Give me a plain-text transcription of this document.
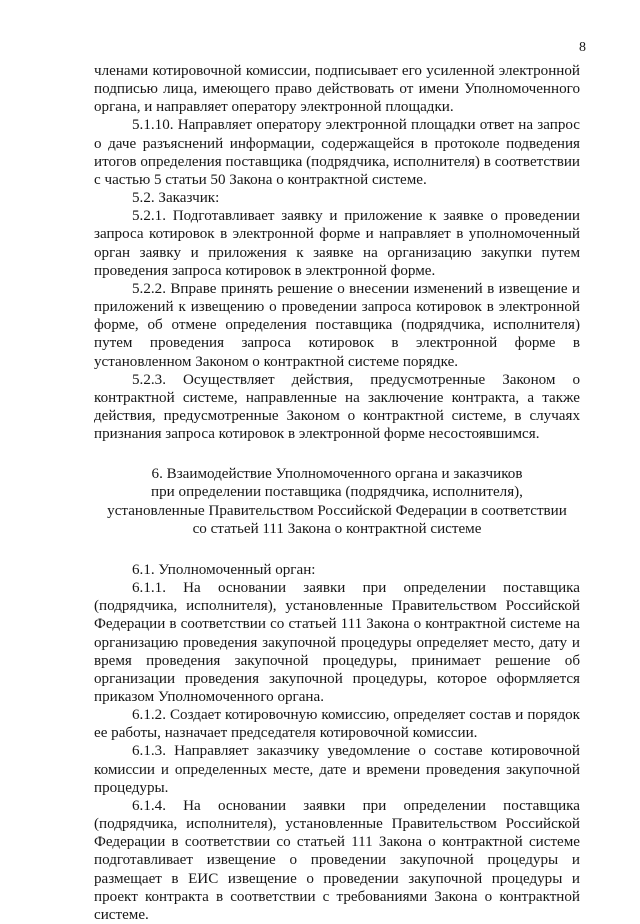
8

членами котировочной комиссии, подписывает его усиленной электронной подписью лица, имеющего право действовать от имени Уполномоченного органа, и направляет оператору электронной площадки.

5.1.10. Направляет оператору электронной площадки ответ на запрос о даче разъяснений информации, содержащейся в протоколе подведения итогов определения поставщика (подрядчика, исполнителя) в соответствии с частью 5 статьи 50 Закона о контрактной системе.

5.2. Заказчик:

5.2.1. Подготавливает заявку и приложение к заявке о проведении запроса котировок в электронной форме и направляет в уполномоченный орган заявку и приложения к заявке на организацию закупки путем проведения запроса котировок в электронной форме.

5.2.2. Вправе принять решение о внесении изменений в извещение и приложений к извещению о проведении запроса котировок в электронной форме, об отмене определения поставщика (подрядчика, исполнителя) путем проведения запроса котировок в электронной форме в установленном Законом о контрактной системе порядке.

5.2.3. Осуществляет действия, предусмотренные Законом о контрактной системе, направленные на заключение контракта, а также действия, предусмотренные Законом о контрактной системе, в случаях признания запроса котировок в электронной форме несостоявшимся.

6. Взаимодействие Уполномоченного органа и заказчиков
при определении поставщика (подрядчика, исполнителя),
установленные Правительством Российской Федерации в соответствии
со статьей 111 Закона о контрактной системе

6.1. Уполномоченный орган:

6.1.1. На основании заявки при определении поставщика (подрядчика, исполнителя), установленные Правительством Российской Федерации в соответствии со статьей 111 Закона о контрактной системе на организацию проведения закупочной процедуры определяет место, дату и время проведения закупочной процедуры, принимает решение об организации проведения закупочной процедуры, которое оформляется приказом Уполномоченного органа.

6.1.2. Создает котировочную комиссию, определяет состав и порядок ее работы, назначает председателя котировочной комиссии.

6.1.3. Направляет заказчику уведомление о составе котировочной комиссии и определенных месте, дате и времени проведения закупочной процедуры.

6.1.4. На основании заявки при определении поставщика (подрядчика, исполнителя), установленные Правительством Российской Федерации в соответствии со статьей 111 Закона о контрактной системе подготавливает извещение о проведении закупочной процедуры и размещает в ЕИС извещение о проведении закупочной процедуры и проект контракта в соответствии с требованиями Закона о контрактной системе.
